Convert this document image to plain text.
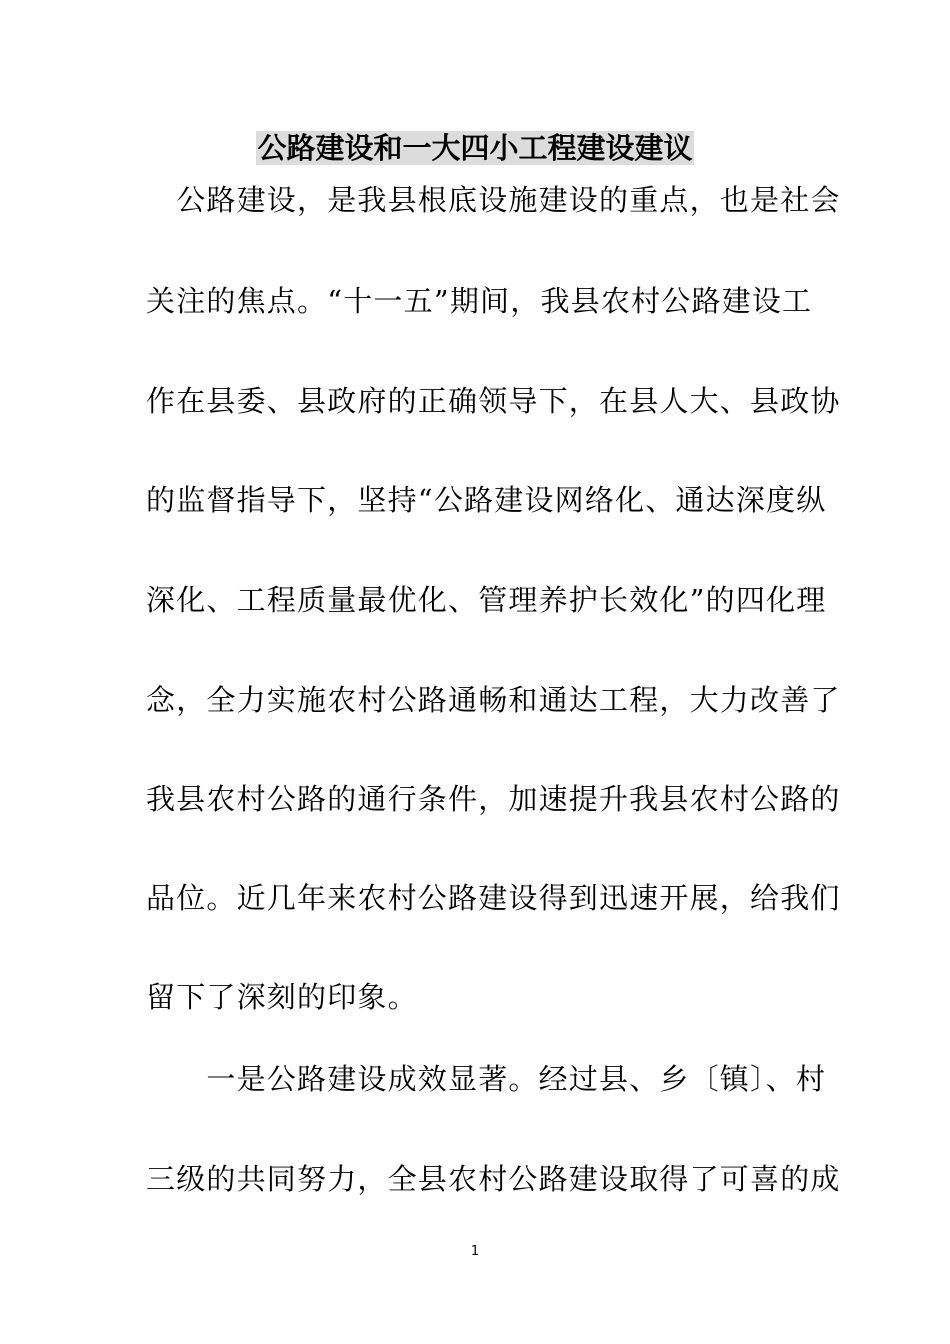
公路建设和一大四小工程建设建议
　公路建设，是我县根底设施建设的重点，也是社会
关注的焦点。“十一五”期间，我县农村公路建设工
作在县委、县政府的正确领导下，在县人大、县政协
的监督指导下，坚持“公路建设网络化、通达深度纵
深化、工程质量最优化、管理养护长效化”的四化理
念，全力实施农村公路通畅和通达工程，大力改善了
我县农村公路的通行条件，加速提升我县农村公路的
品位。近几年来农村公路建设得到迅速开展，给我们
留下了深刻的印象。
　　一是公路建设成效显著。经过县、乡〔镇〕、村
三级的共同努力，全县农村公路建设取得了可喜的成
1
